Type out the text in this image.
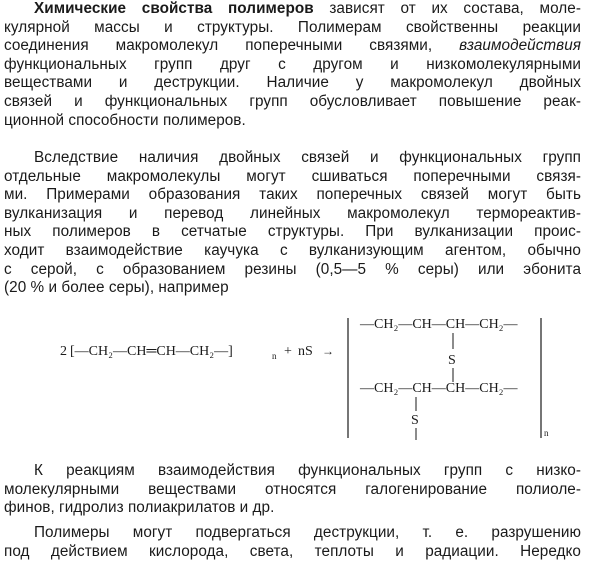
Химические свойства полимеров зависят от их состава, моле-
кулярной массы и структуры. Полимерам свойственны реакции
соединения макромолекул поперечными связями, взаимодействия
функциональных групп друг с другом и низкомолекулярными
веществами и деструкции. Наличие у макромолекул двойных
связей и функциональных групп обусловливает повышение реак-
ционной способности полимеров.
Вследствие наличия двойных связей и функциональных групп
отдельные макромолекулы могут сшиваться поперечными связя-
ми. Примерами образования таких поперечных связей могут быть
вулканизация и перевод линейных макромолекул термореактив-
ных полимеров в сетчатые структуры. При вулканизации проис-
ходит взаимодействие каучука с вулканизующим агентом, обычно
с серой, с образованием резины (0,5—5 % серы) или эбонита
(20 % и более серы), например
2 [—CH₂—CH═CH—CH₂—]	n + nS →
—CH₂—CH—CH—CH₂—
S
—CH₂—CH—CH—CH₂—
S
n
К реакциям взаимодействия функциональных групп с низко-
молекулярными веществами относятся галогенирование полиоле-
финов, гидролиз полиакрилатов и др.
Полимеры могут подвергаться деструкции, т. е. разрушению
под действием кислорода, света, теплоты и радиации. Нередко
